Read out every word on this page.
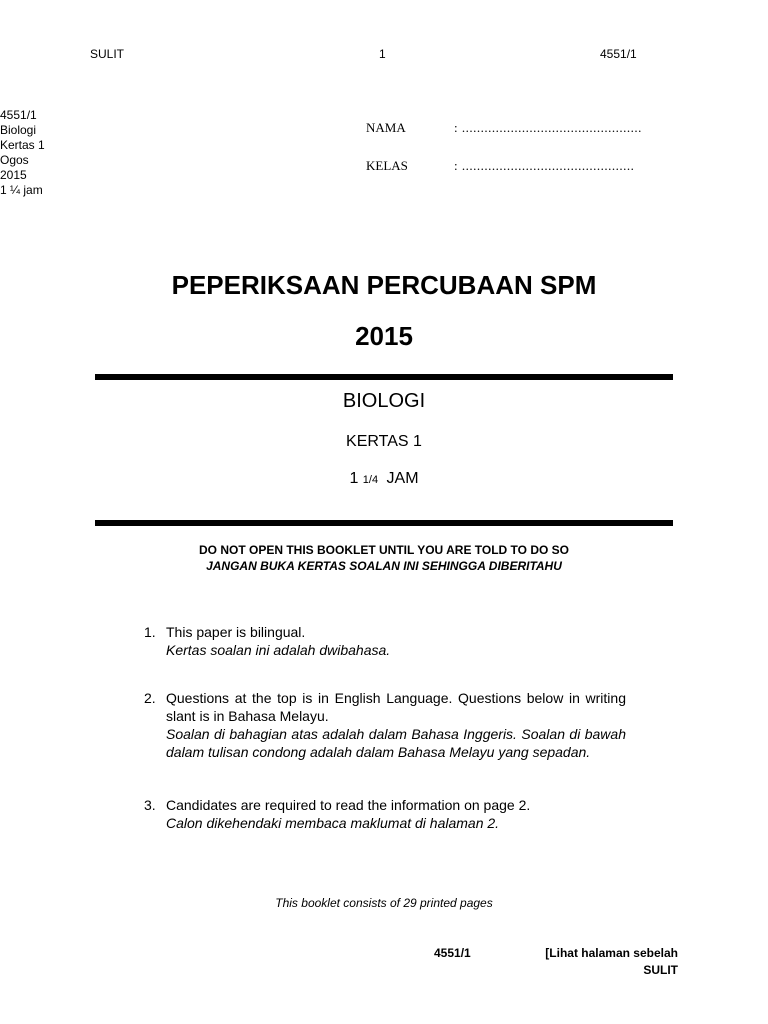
SULIT	1	4551/1
4551/1
Biologi
Kertas 1
Ogos
2015
1 ¼ jam
NAMA	: ................................................
KELAS	: ..............................................
PEPERIKSAAN PERCUBAAN SPM
2015
BIOLOGI
KERTAS 1
1 1/4 JAM
DO NOT OPEN THIS BOOKLET UNTIL YOU ARE TOLD TO DO SO
JANGAN BUKA KERTAS SOALAN INI SEHINGGA DIBERITAHU
1. This paper is bilingual.
Kertas soalan ini adalah dwibahasa.
2. Questions at the top is in English Language. Questions below in writing slant is in Bahasa Melayu.
Soalan di bahagian atas adalah dalam Bahasa Inggeris. Soalan di bawah dalam tulisan condong adalah dalam Bahasa Melayu yang sepadan.
3. Candidates are required to read the information on page 2.
Calon dikehendaki membaca maklumat di halaman 2.
This booklet consists of 29 printed pages
4551/1	[Lihat halaman sebelah
SULIT
